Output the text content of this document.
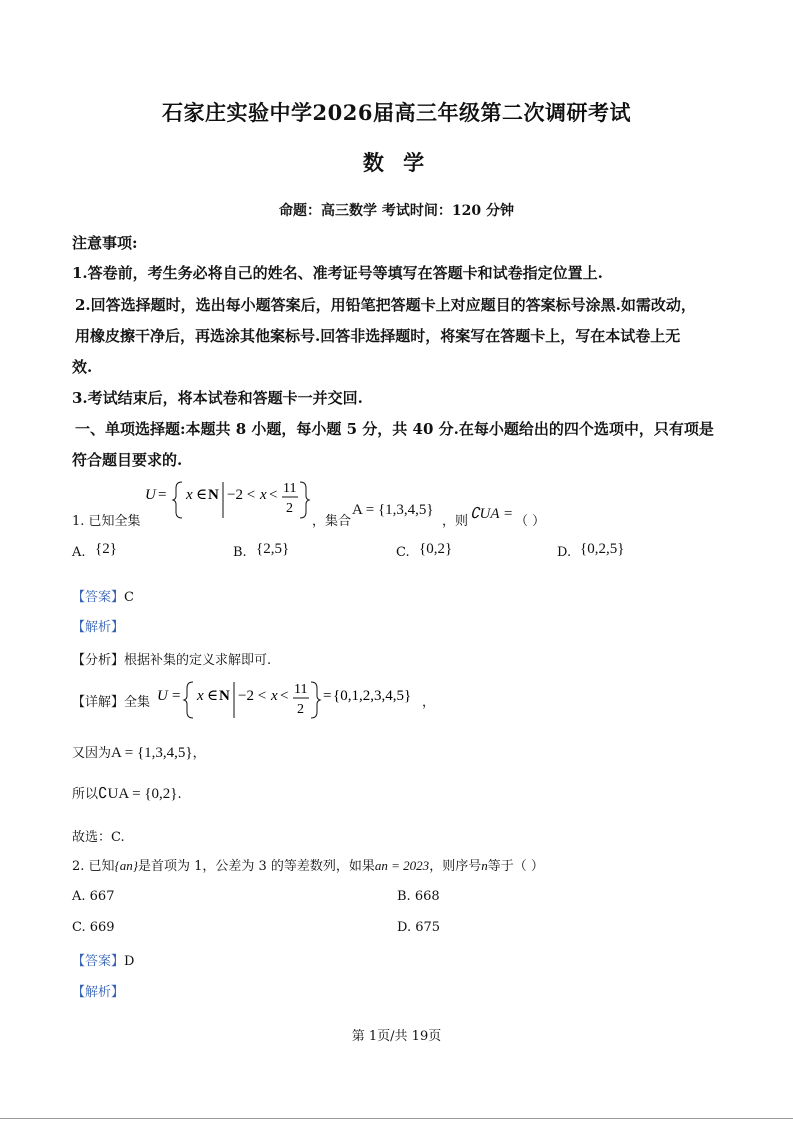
石家庄实验中学2026届高三年级第二次调研考试
数 学
命题：高三数学 考试时间：120 分钟
注意事项:
1.答卷前，考生务必将自己的姓名、准考证号等填写在答题卡和试卷指定位置上.
2.回答选择题时，选出每小题答案后，用铅笔把答题卡上对应题目的答案标号涂黑.如需改动，
用橡皮擦干净后，再选涂其他案标号.回答非选择题时，将案写在答题卡上，写在本试卷上无
效.
3.考试结束后，将本试卷和答题卡一并交回.
一、单项选择题:本题共 8 小题，每小题 5 分，共 40 分.在每小题给出的四个选项中，只有项是
符合题目要求的.
1. 已知全集
U = x ∈ N −2 < x < 11
2
，集合
A = {1,3,4,5}
，则 ∁UA = （ ）
A. {2}	B. {2,5}	C. {0,2}	D. {0,2,5}
【答案】C
【解析】
【分析】根据补集的定义求解即可.
【详解】全集 U = x ∈ N −2 < x < 11
2
= {0,1,2,3,4,5} ，
又因为A = {1,3,4,5}，
所以∁UA = {0,2}.
故选：C.
2. 已知{an}是首项为 1，公差为 3 的等差数列，如果an = 2023，则序号n等于（ ）
A. 667	B. 668
C. 669	D. 675
【答案】D
【解析】
第 1页/共 19页
